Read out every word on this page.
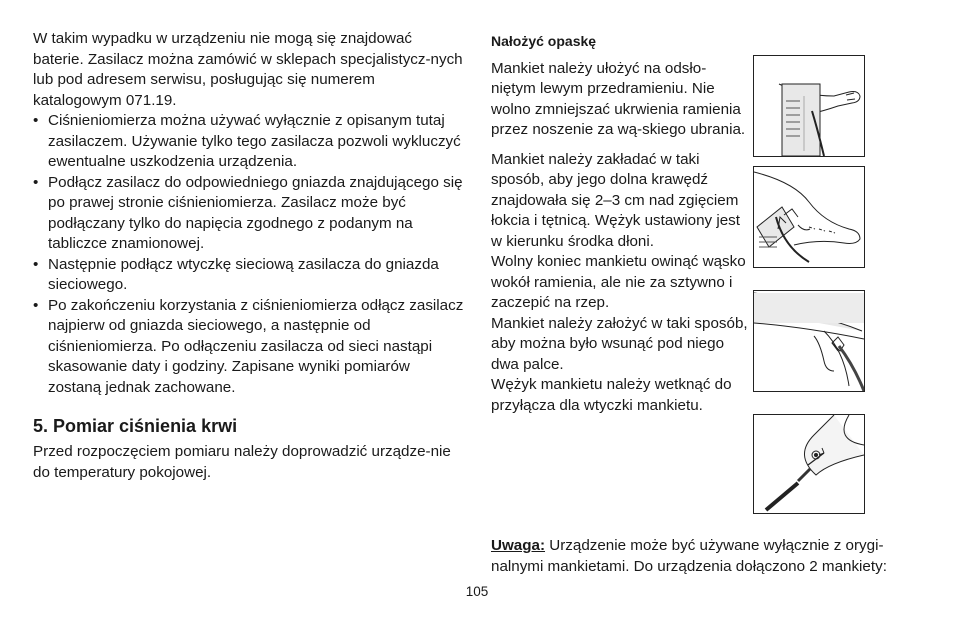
W takim wypadku w urządzeniu nie mogą się znajdować baterie. Zasilacz można zamówić w sklepach specjalistycz-nych lub pod adresem serwisu, posługując się numerem katalogowym 071.19.

• Ciśnieniomierza można używać wyłącznie z opisanym tutaj zasilaczem. Używanie tylko tego zasilacza pozwoli wykluczyć ewentualne uszkodzenia urządzenia.
• Podłącz zasilacz do odpowiedniego gniazda znajdującego się po prawej stronie ciśnieniomierza. Zasilacz może być podłączany tylko do napięcia zgodnego z podanym na tabliczce znamionowej.
• Następnie podłącz wtyczkę sieciową zasilacza do gniazda sieciowego.
• Po zakończeniu korzystania z ciśnieniomierza odłącz zasilacz najpierw od gniazda sieciowego, a następnie od ciśnieniomierza. Po odłączeniu zasilacza od sieci nastąpi skasowanie daty i godziny. Zapisane wyniki pomiarów zostaną jednak zachowane.

5. Pomiar ciśnienia krwi

Przed rozpoczęciem pomiaru należy doprowadzić urządze-nie do temperatury pokojowej.

Nałożyć opaskę

Mankiet należy ułożyć na odsło-niętym lewym przedramieniu. Nie wolno zmniejszać ukrwienia ramienia przez noszenie za wą-skiego ubrania.

Mankiet należy zakładać w taki sposób, aby jego dolna krawędź znajdowała się 2–3 cm nad zgięciem łokcia i tętnicą. Wężyk ustawiony jest w kierunku środka dłoni.

Wolny koniec mankietu owinąć wąsko wokół ramienia, ale nie za sztywno i zaczepić na rzep.

Mankiet należy założyć w taki sposób, aby można było wsunąć pod niego dwa palce.

Wężyk mankietu należy wetknąć do przyłącza dla wtyczki mankietu.

Uwaga: Urządzenie może być używane wyłącznie z orygi-nalnymi mankietami. Do urządzenia dołączono 2 mankiety:
105
